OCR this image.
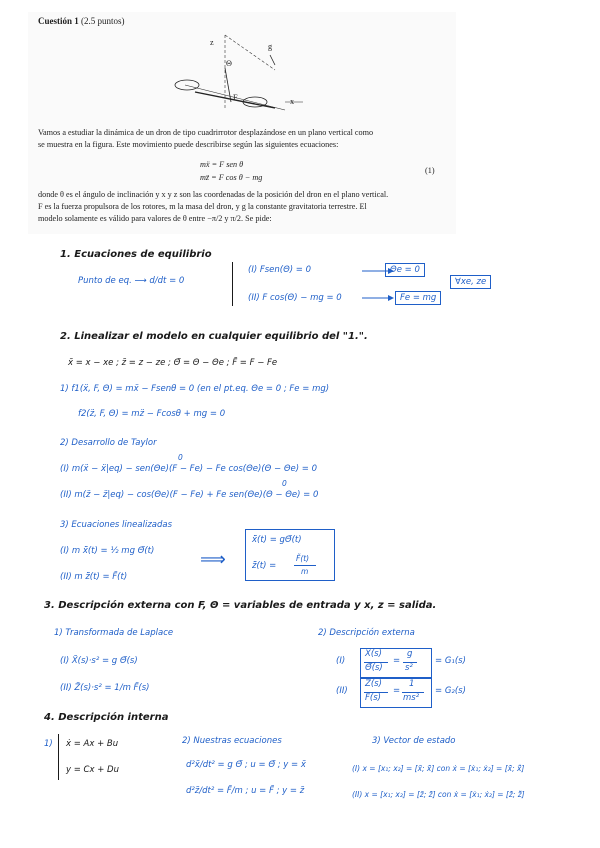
Cuestión 1 (2.5 puntos)
z	g
Θ
F	x
Vamos a estudiar la dinámica de un dron de tipo cuadrirrotor desplazándose en un plano vertical como
se muestra en la figura. Este movimiento puede describirse según las siguientes ecuaciones:
mẍ = F sen θ
mz̈ = F cos θ − mg
(1)
donde θ es el ángulo de inclinación y x y z son las coordenadas de la posición del dron en el plano vertical.
F es la fuerza propulsora de los rotores, m la masa del dron, y g la constante gravitatoria terrestre. El
modelo solamente es válido para valores de θ entre −π/2 y π/2. Se pide:
1. Ecuaciones de equilibrio
Punto de eq. ⟶ d/dt = 0
(I) Fsen(Θ) = 0
(II) F cos(Θ) − mg = 0
Θe = 0
Fe = mg
∀xe, ze
2. Linealizar el modelo en cualquier equilibrio del "1.".
x̃ = x − xe ; z̃ = z − ze ; Θ̃ = Θ − Θe ; F̃ = F − Fe
1) f1(ẍ, F, Θ) = mẍ − Fsenθ = 0 (en el pt.eq. Θe = 0 ; Fe = mg)
f2(z̈, F, Θ) = mz̈ − Fcosθ + mg = 0
2) Desarrollo de Taylor
0
(I) m(ẍ − ẍ|eq) − sen(Θe)(F − Fe) − Fe cos(Θe)(Θ − Θe) = 0
0
(II) m(z̈ − z̈|eq) − cos(Θe)(F − Fe) + Fe sen(Θe)(Θ − Θe) = 0
3) Ecuaciones linealizadas
(I) m x̃̈(t) = ½ mg Θ̃(t)
(II) m z̃̈(t) = F̃(t)
⟹
x̃̈(t) = gΘ̃(t)
z̃̈(t) =
F̃(t)
m
3. Descripción externa con F, Θ = variables de entrada y x, z = salida.
1) Transformada de Laplace
(I) X̃(s)·s² = g Θ̃(s)
(II) Z̃(s)·s² = 1/m F̃(s)
2) Descripción externa
(I)
X̃(s)
Θ̃(s)
=
g
s²
= G₁(s)
(II)
Z̃(s)
F̃(s)
=
1
ms²
= G₂(s)
4. Descripción interna
1) ẋ = Ax + Bu
y = Cx + Du
2) Nuestras ecuaciones
d²x̃/dt² = g Θ̃ ; u = Θ̃ ; y = x̃
d²z̃/dt² = F̃/m ; u = F̃ ; y = z̃
3) Vector de estado
(I) x = [x₁; x₂] = [x̃; x̃̇] con ẋ = [ẋ₁; ẋ₂] = [x̃̇; x̃̈]
(II) x = [x₁; x₂] = [z̃; z̃̇] con ẋ = [ẋ₁; ẋ₂] = [z̃̇; z̃̈]
